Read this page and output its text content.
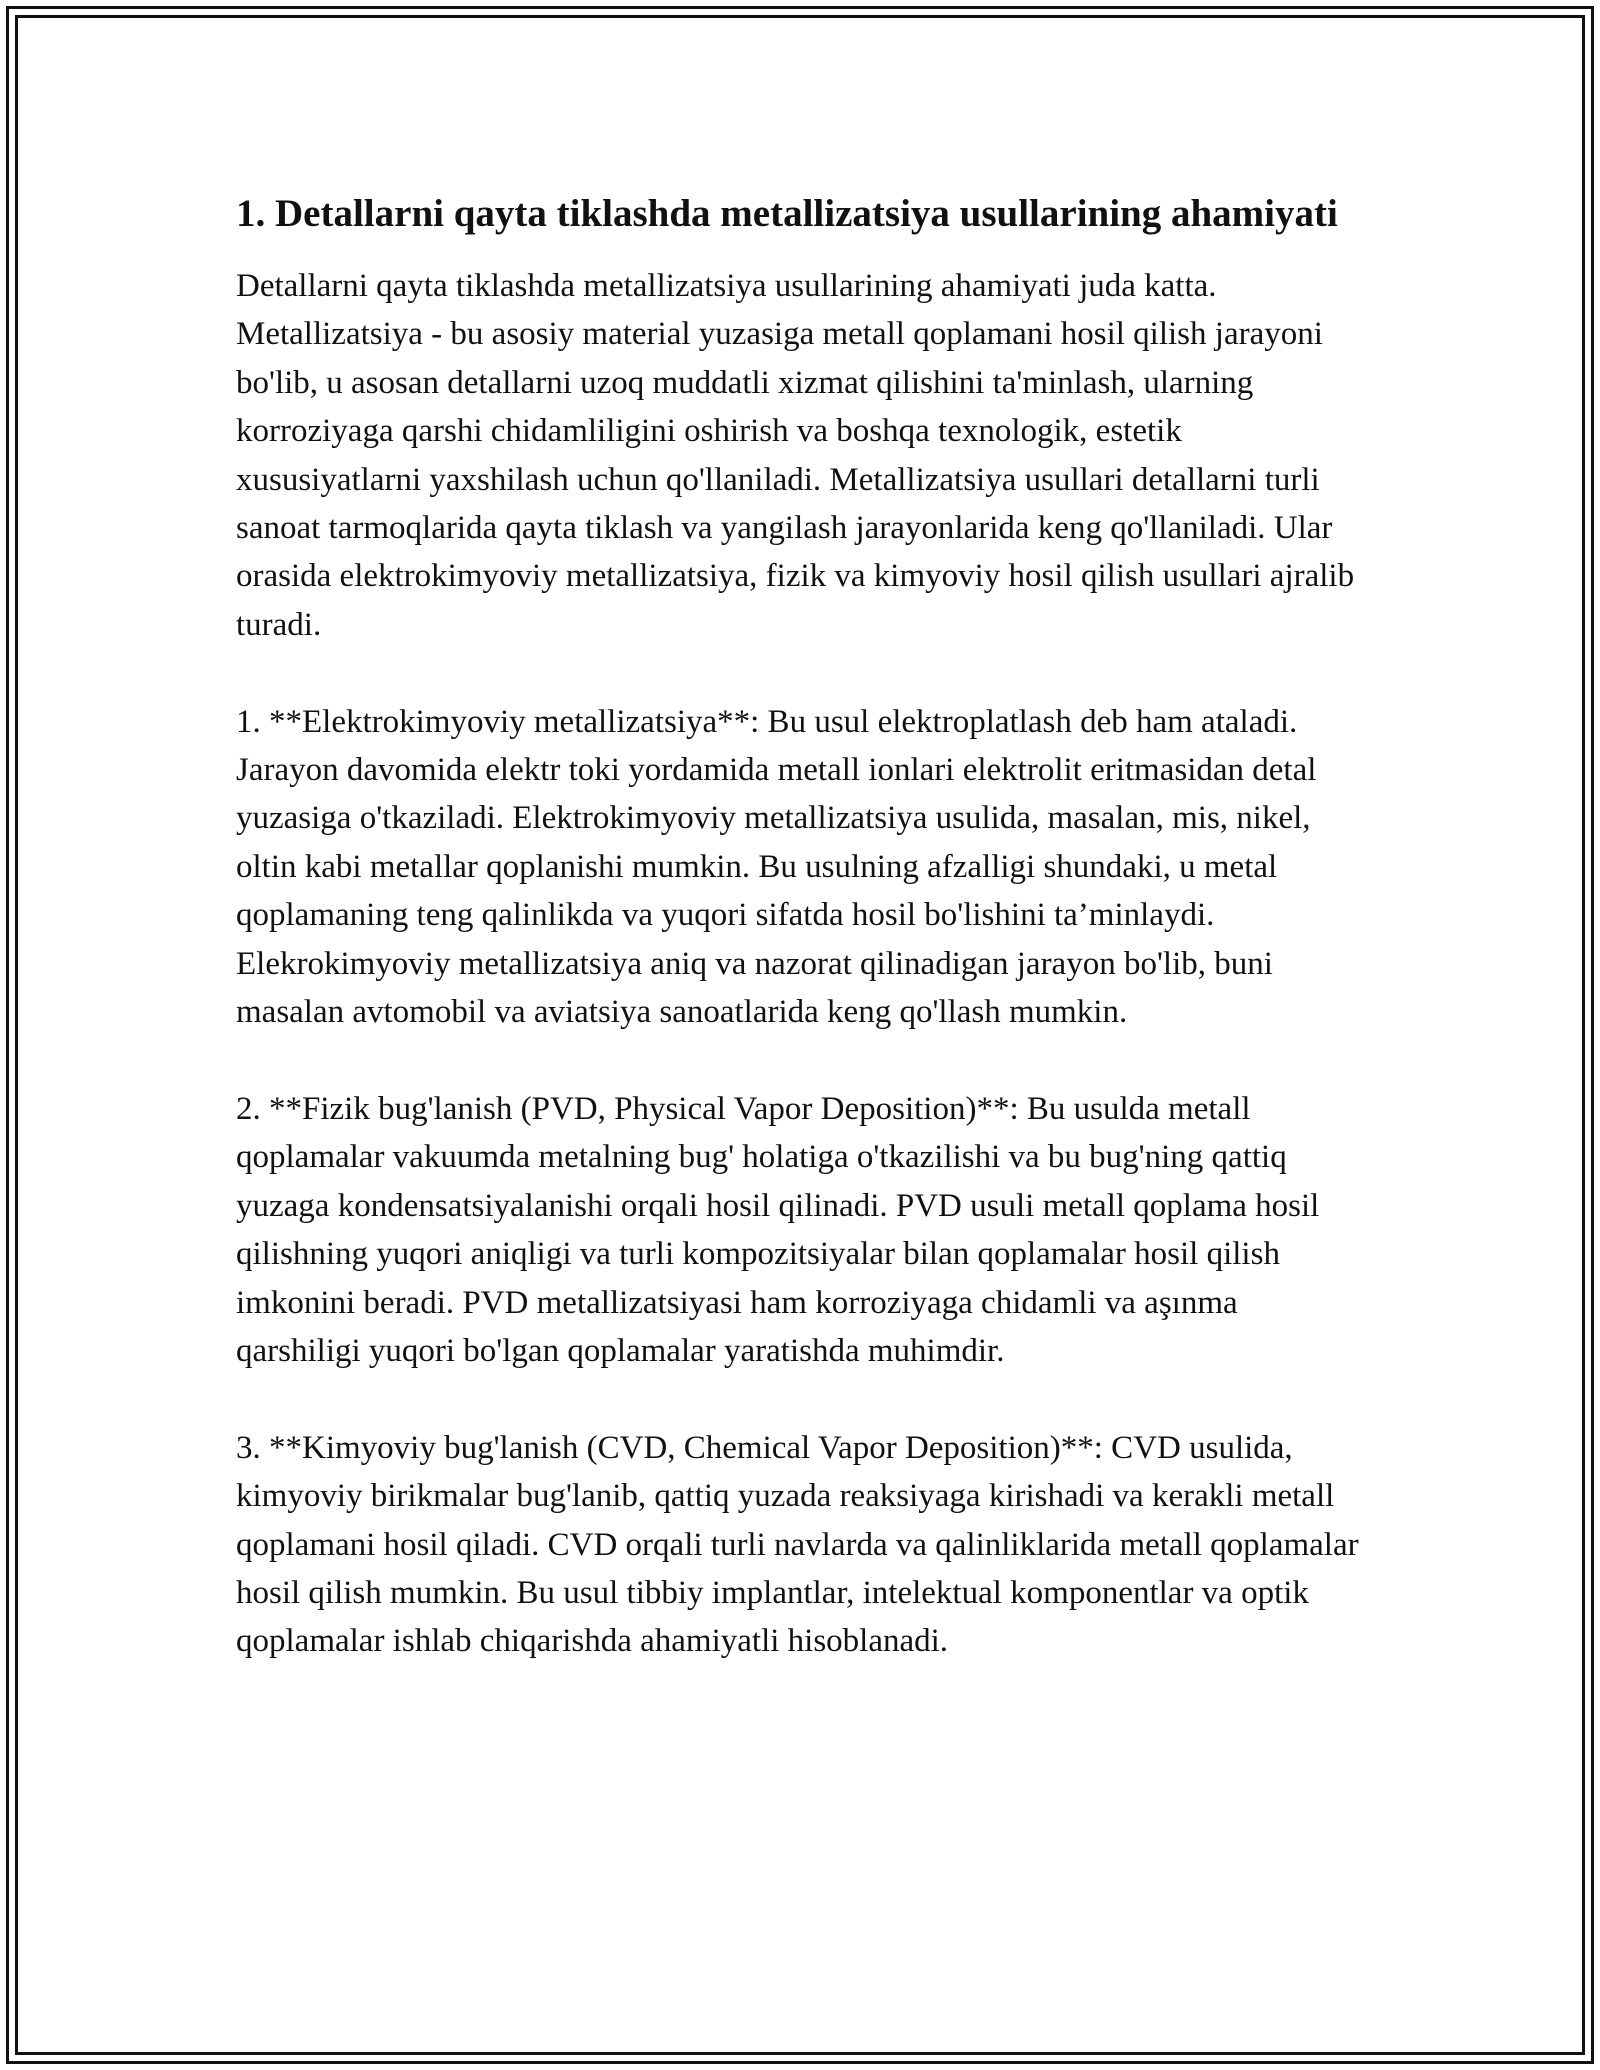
1. Detallarni qayta tiklashda metallizatsiya usullarining ahamiyati

Detallarni qayta tiklashda metallizatsiya usullarining ahamiyati juda katta. Metallizatsiya - bu asosiy material yuzasiga metall qoplamani hosil qilish jarayoni bo'lib, u asosan detallarni uzoq muddatli xizmat qilishini ta'minlash, ularning korroziyaga qarshi chidamliligini oshirish va boshqa texnologik, estetik xususiyatlarni yaxshilash uchun qo'llaniladi. Metallizatsiya usullari detallarni turli sanoat tarmoqlarida qayta tiklash va yangilash jarayonlarida keng qo'llaniladi. Ular orasida elektrokimyoviy metallizatsiya, fizik va kimyoviy hosil qilish usullari ajralib turadi.

1. **Elektrokimyoviy metallizatsiya**: Bu usul elektroplatlash deb ham ataladi. Jarayon davomida elektr toki yordamida metall ionlari elektrolit eritmasidan detal yuzasiga o'tkaziladi. Elektrokimyoviy metallizatsiya usulida, masalan, mis, nikel, oltin kabi metallar qoplanishi mumkin. Bu usulning afzalligi shundaki, u metal qoplamaning teng qalinlikda va yuqori sifatda hosil bo'lishini ta’minlaydi. Elekrokimyoviy metallizatsiya aniq va nazorat qilinadigan jarayon bo'lib, buni masalan avtomobil va aviatsiya sanoatlarida keng qo'llash mumkin.

2. **Fizik bug'lanish (PVD, Physical Vapor Deposition)**: Bu usulda metall qoplamalar vakuumda metalning bug' holatiga o'tkazilishi va bu bug'ning qattiq yuzaga kondensatsiyalanishi orqali hosil qilinadi. PVD usuli metall qoplama hosil qilishning yuqori aniqligi va turli kompozitsiyalar bilan qoplamalar hosil qilish imkonini beradi. PVD metallizatsiyasi ham korroziyaga chidamli va aşınma qarshiligi yuqori bo'lgan qoplamalar yaratishda muhimdir.

3. **Kimyoviy bug'lanish (CVD, Chemical Vapor Deposition)**: CVD usulida, kimyoviy birikmalar bug'lanib, qattiq yuzada reaksiyaga kirishadi va kerakli metall qoplamani hosil qiladi. CVD orqali turli navlarda va qalinliklarida metall qoplamalar hosil qilish mumkin. Bu usul tibbiy implantlar, intelektual komponentlar va optik qoplamalar ishlab chiqarishda ahamiyatli hisoblanadi.
